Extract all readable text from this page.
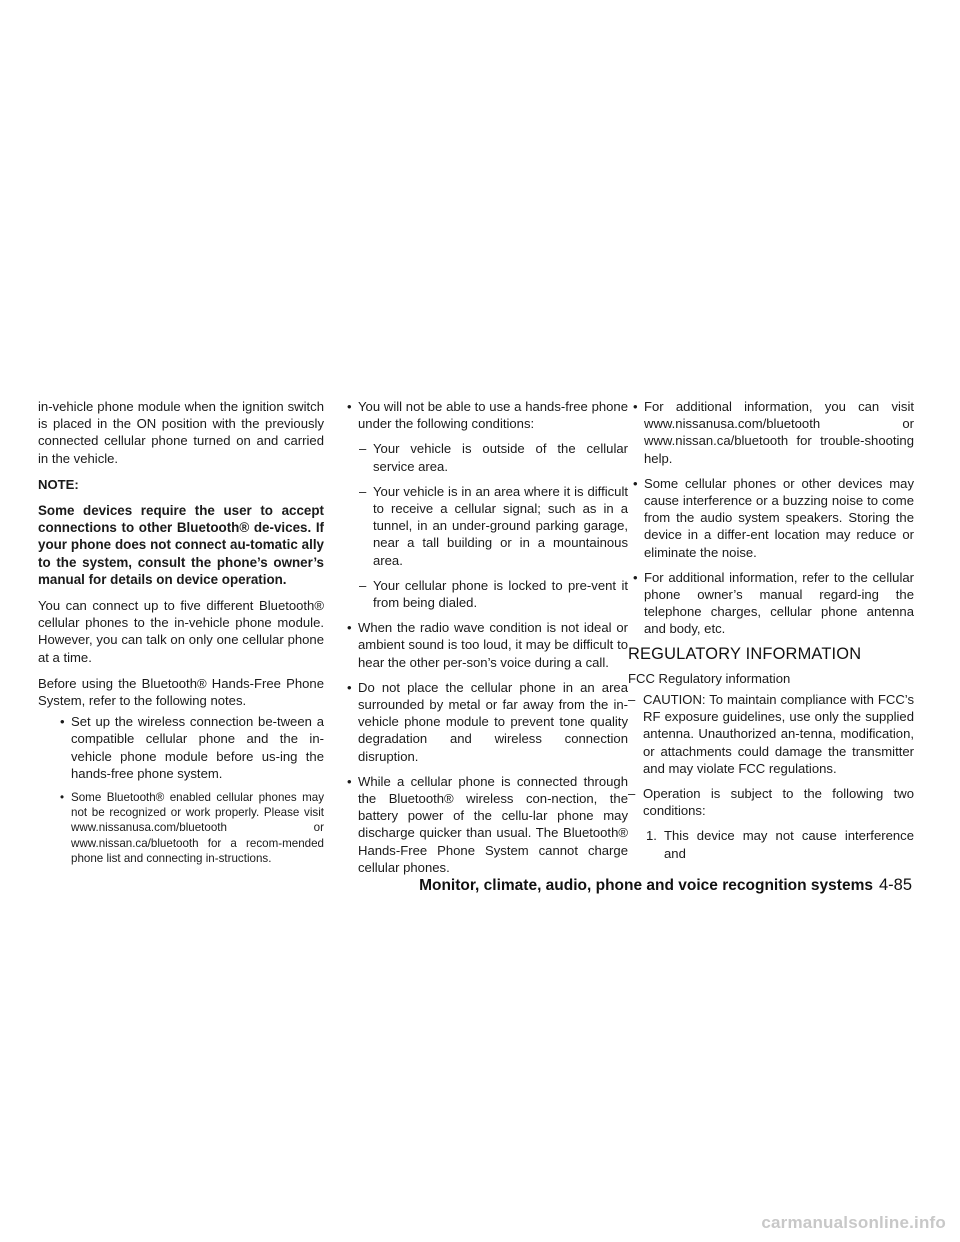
in-vehicle phone module when the ignition switch is placed in the ON position with the previously connected cellular phone turned on and carried in the vehicle.

NOTE:

Some devices require the user to accept connections to other Bluetooth® de-vices. If your phone does not connect au-tomatic ally to the system, consult the phone’s owner’s manual for details on device operation.

You can connect up to five different Bluetooth® cellular phones to the in-vehicle phone module. However, you can talk on only one cellular phone at a time.

Before using the Bluetooth® Hands-Free Phone System, refer to the following notes.

• Set up the wireless connection be-tween a compatible cellular phone and the in-vehicle phone module before us-ing the hands-free phone system.
• Some Bluetooth® enabled cellular phones may not be recognized or work properly. Please visit www.nissanusa.com/bluetooth or www.nissan.ca/bluetooth for a recom-mended phone list and connecting in-structions.
• You will not be able to use a hands-free phone under the following conditions:
– Your vehicle is outside of the cellular service area.
– Your vehicle is in an area where it is difficult to receive a cellular signal; such as in a tunnel, in an under-ground parking garage, near a tall building or in a mountainous area.
– Your cellular phone is locked to pre-vent it from being dialed.
• When the radio wave condition is not ideal or ambient sound is too loud, it may be difficult to hear the other per-son’s voice during a call.
• Do not place the cellular phone in an area surrounded by metal or far away from the in-vehicle phone module to prevent tone quality degradation and wireless connection disruption.
• While a cellular phone is connected through the Bluetooth® wireless con-nection, the battery power of the cellu-lar phone may discharge quicker than usual. The Bluetooth® Hands-Free Phone System cannot charge cellular phones.
• For additional information, you can visit www.nissanusa.com/bluetooth or www.nissan.ca/bluetooth for trouble-shooting help.
• Some cellular phones or other devices may cause interference or a buzzing noise to come from the audio system speakers. Storing the device in a differ-ent location may reduce or eliminate the noise.
• For additional information, refer to the cellular phone owner’s manual regard-ing the telephone charges, cellular phone antenna and body, etc.
REGULATORY INFORMATION

FCC Regulatory information

– CAUTION: To maintain compliance with FCC’s RF exposure guidelines, use only the supplied antenna. Unauthorized an-tenna, modification, or attachments could damage the transmitter and may violate FCC regulations.
– Operation is subject to the following two conditions:
1. This device may not cause interference and
Monitor, climate, audio, phone and voice recognition systems 4-85
carmanualsonline.info
